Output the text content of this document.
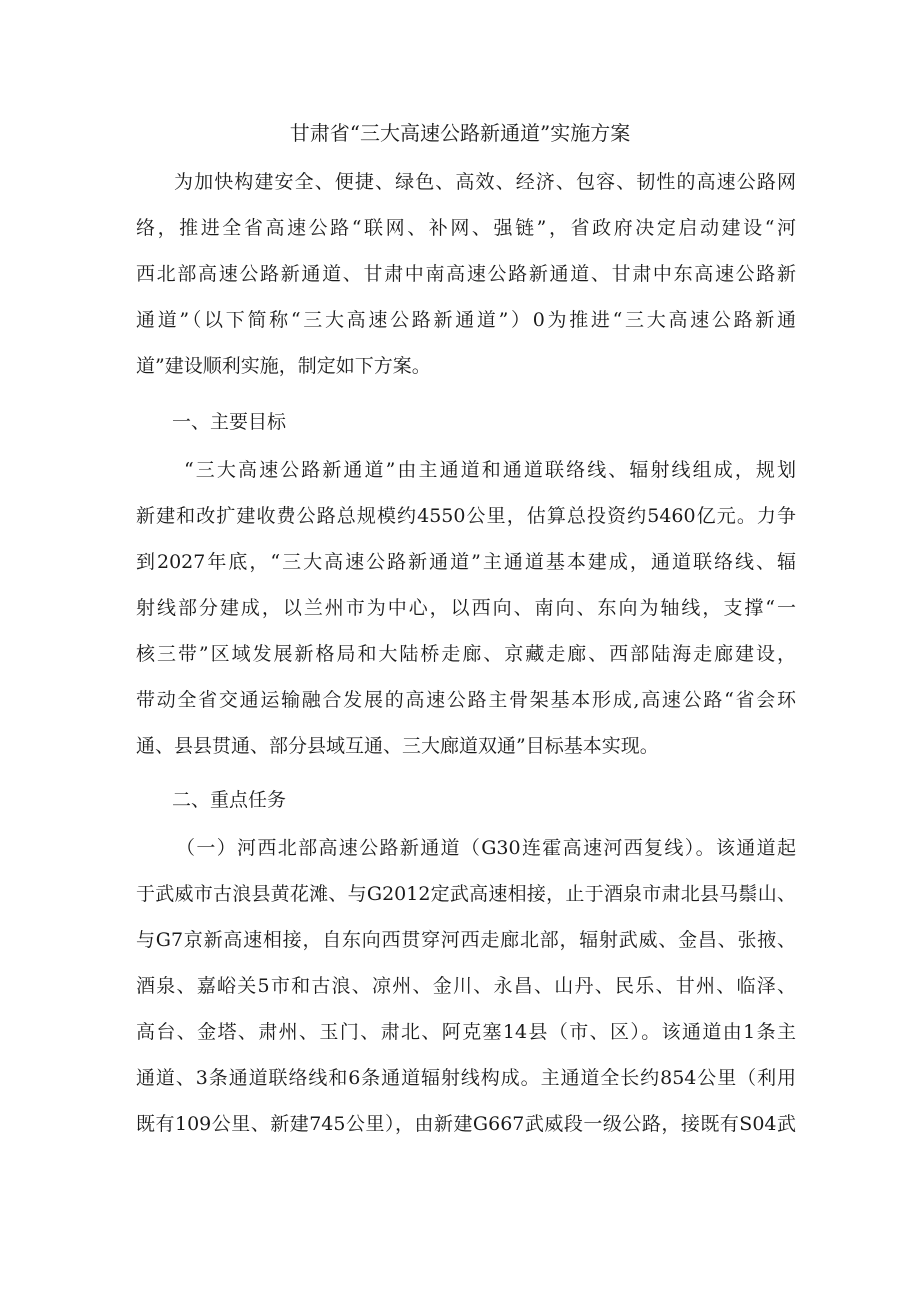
甘肃省“三大高速公路新通道”实施方案
为加快构建安全、便捷、绿色、高效、经济、包容、韧性的高速公路网
络，推进全省高速公路“联网、补网、强链”，省政府决定启动建设“河
西北部高速公路新通道、甘肃中南高速公路新通道、甘肃中东高速公路新
通道”（以下简称“三大高速公路新通道”）0为推进“三大高速公路新通
道”建设顺利实施，制定如下方案。
一、主要目标
“三大高速公路新通道”由主通道和通道联络线、辐射线组成，规划
新建和改扩建收费公路总规模约4550公里，估算总投资约5460亿元。力争
到2027年底，“三大高速公路新通道”主通道基本建成，通道联络线、辐
射线部分建成，以兰州市为中心，以西向、南向、东向为轴线，支撑“一
核三带”区域发展新格局和大陆桥走廊、京藏走廊、西部陆海走廊建设，
带动全省交通运输融合发展的高速公路主骨架基本形成,高速公路“省会环
通、县县贯通、部分县域互通、三大廊道双通”目标基本实现。
二、重点任务
（一）河西北部高速公路新通道（G30连霍高速河西复线）。该通道起
于武威市古浪县黄花滩、与G2012定武高速相接，止于酒泉市肃北县马鬃山、
与G7京新高速相接，自东向西贯穿河西走廊北部，辐射武威、金昌、张掖、
酒泉、嘉峪关5市和古浪、凉州、金川、永昌、山丹、民乐、甘州、临泽、
高台、金塔、肃州、玉门、肃北、阿克塞14县（市、区）。该通道由1条主
通道、3条通道联络线和6条通道辐射线构成。主通道全长约854公里（利用
既有109公里、新建745公里），由新建G667武威段一级公路，接既有S04武
